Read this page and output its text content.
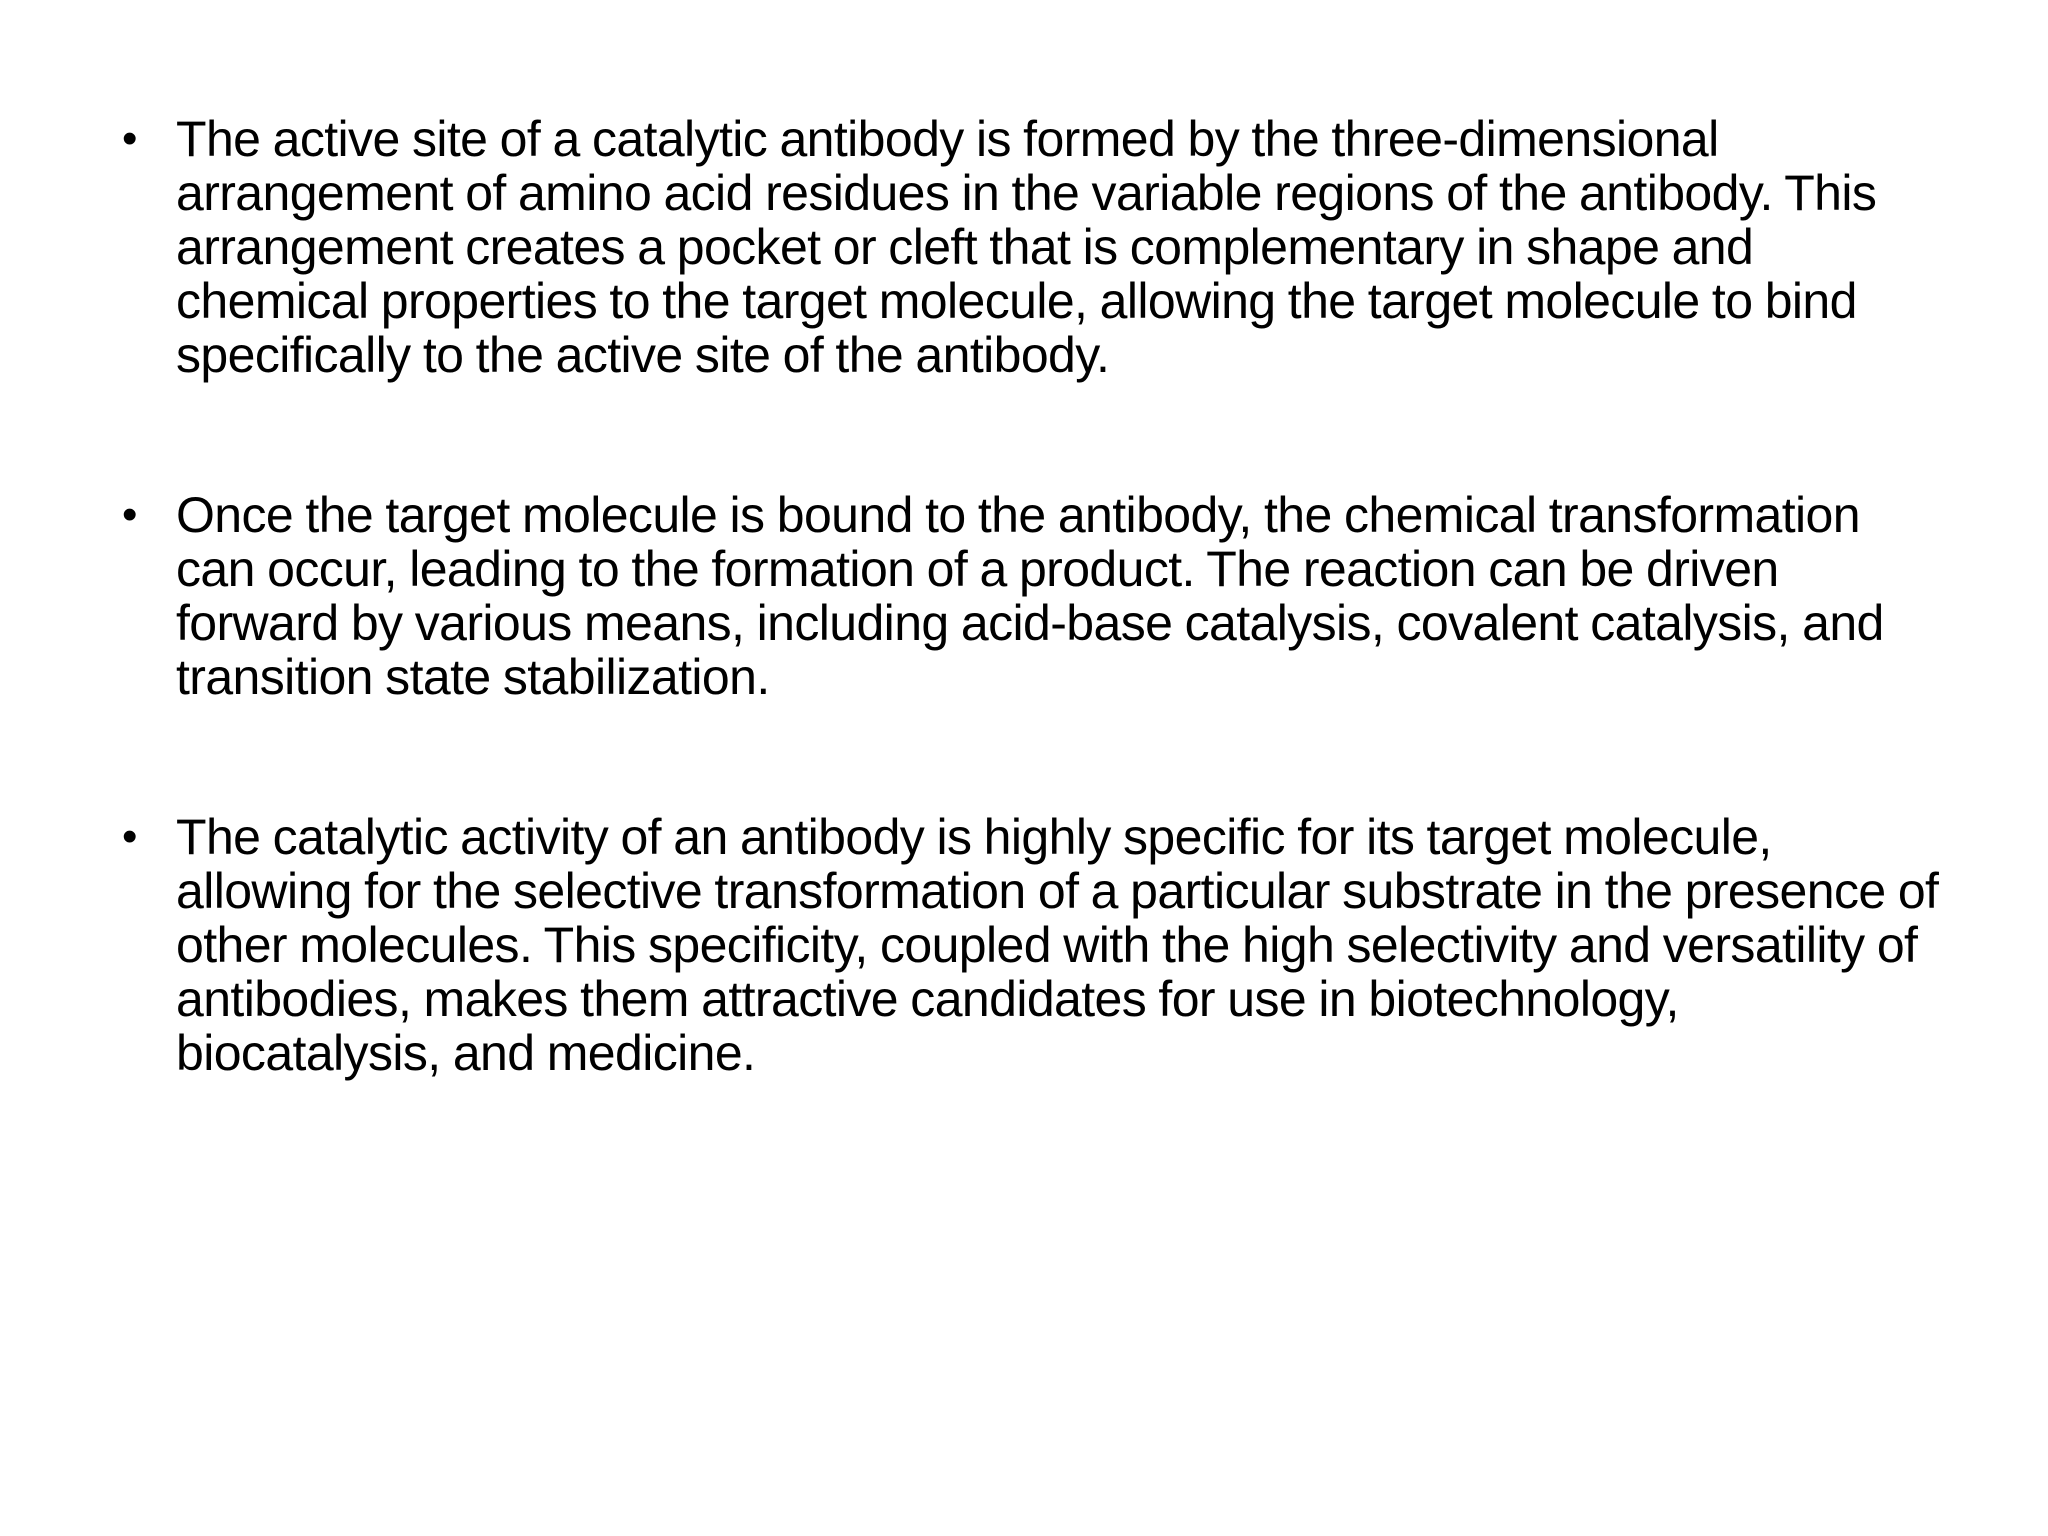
• The active site of a catalytic antibody is formed by the three-dimensional arrangement of amino acid residues in the variable regions of the antibody. This arrangement creates a pocket or cleft that is complementary in shape and chemical properties to the target molecule, allowing the target molecule to bind specifically to the active site of the antibody.
• Once the target molecule is bound to the antibody, the chemical transformation can occur, leading to the formation of a product. The reaction can be driven forward by various means, including acid-base catalysis, covalent catalysis, and transition state stabilization.
• The catalytic activity of an antibody is highly specific for its target molecule, allowing for the selective transformation of a particular substrate in the presence of other molecules. This specificity, coupled with the high selectivity and versatility of antibodies, makes them attractive candidates for use in biotechnology, biocatalysis, and medicine.
